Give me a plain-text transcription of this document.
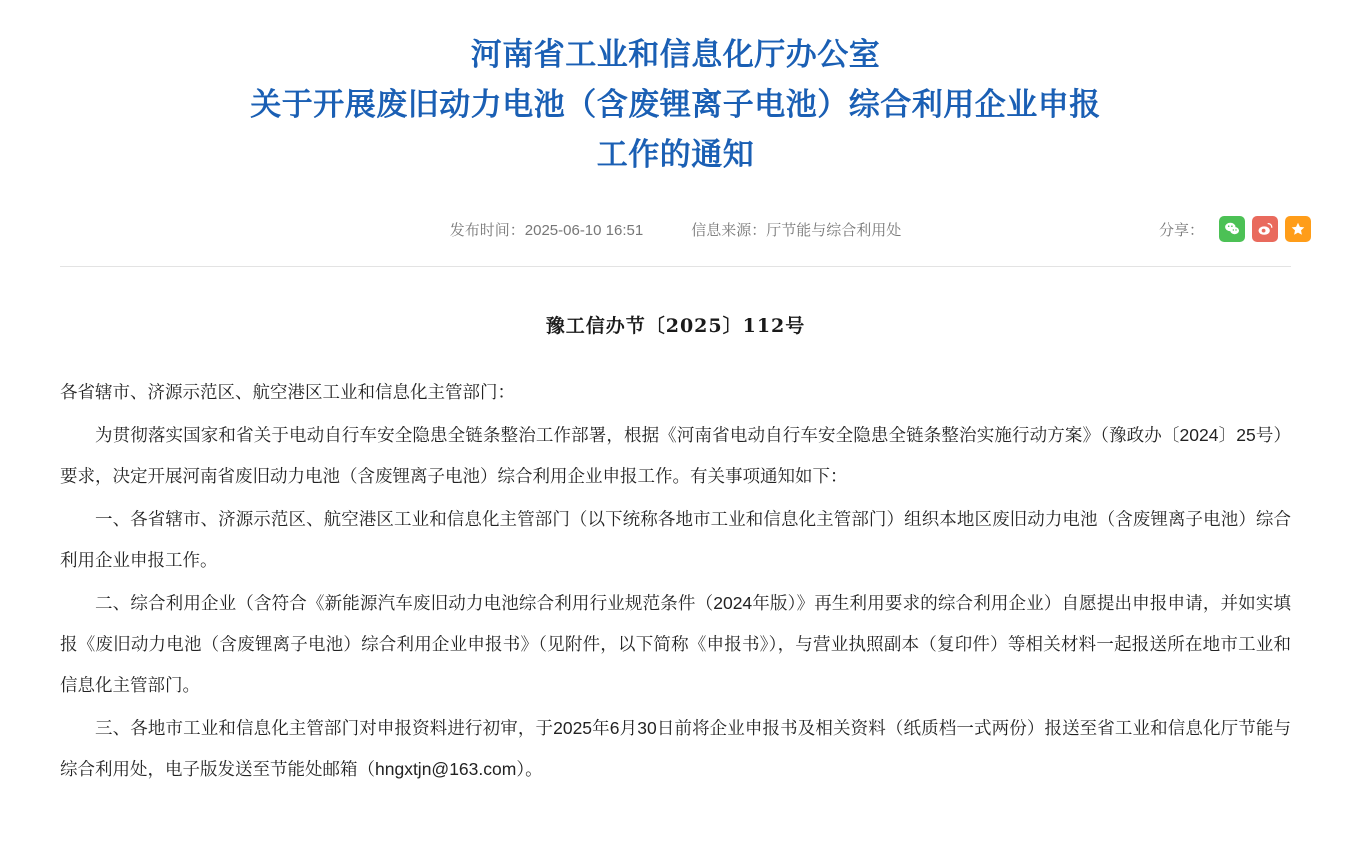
河南省工业和信息化厅办公室
关于开展废旧动力电池（含废锂离子电池）综合利用企业申报
工作的通知
发布时间：2025-06-10 16:51	信息来源：厅节能与综合利用处	分享：
豫工信办节〔2025〕112号

各省辖市、济源示范区、航空港区工业和信息化主管部门：

为贯彻落实国家和省关于电动自行车安全隐患全链条整治工作部署，根据《河南省电动自行车安全隐患全链条整治实施行动方案》（豫政办〔2024〕25号）要求，决定开展河南省废旧动力电池（含废锂离子电池）综合利用企业申报工作。有关事项通知如下：

一、各省辖市、济源示范区、航空港区工业和信息化主管部门（以下统称各地市工业和信息化主管部门）组织本地区废旧动力电池（含废锂离子电池）综合利用企业申报工作。

二、综合利用企业（含符合《新能源汽车废旧动力电池综合利用行业规范条件（2024年版）》再生利用要求的综合利用企业）自愿提出申报申请，并如实填报《废旧动力电池（含废锂离子电池）综合利用企业申报书》（见附件，以下简称《申报书》），与营业执照副本（复印件）等相关材料一起报送所在地市工业和信息化主管部门。

三、各地市工业和信息化主管部门对申报资料进行初审，于2025年6月30日前将企业申报书及相关资料（纸质档一式两份）报送至省工业和信息化厅节能与综合利用处，电子版发送至节能处邮箱（hngxtjn@163.com）。
